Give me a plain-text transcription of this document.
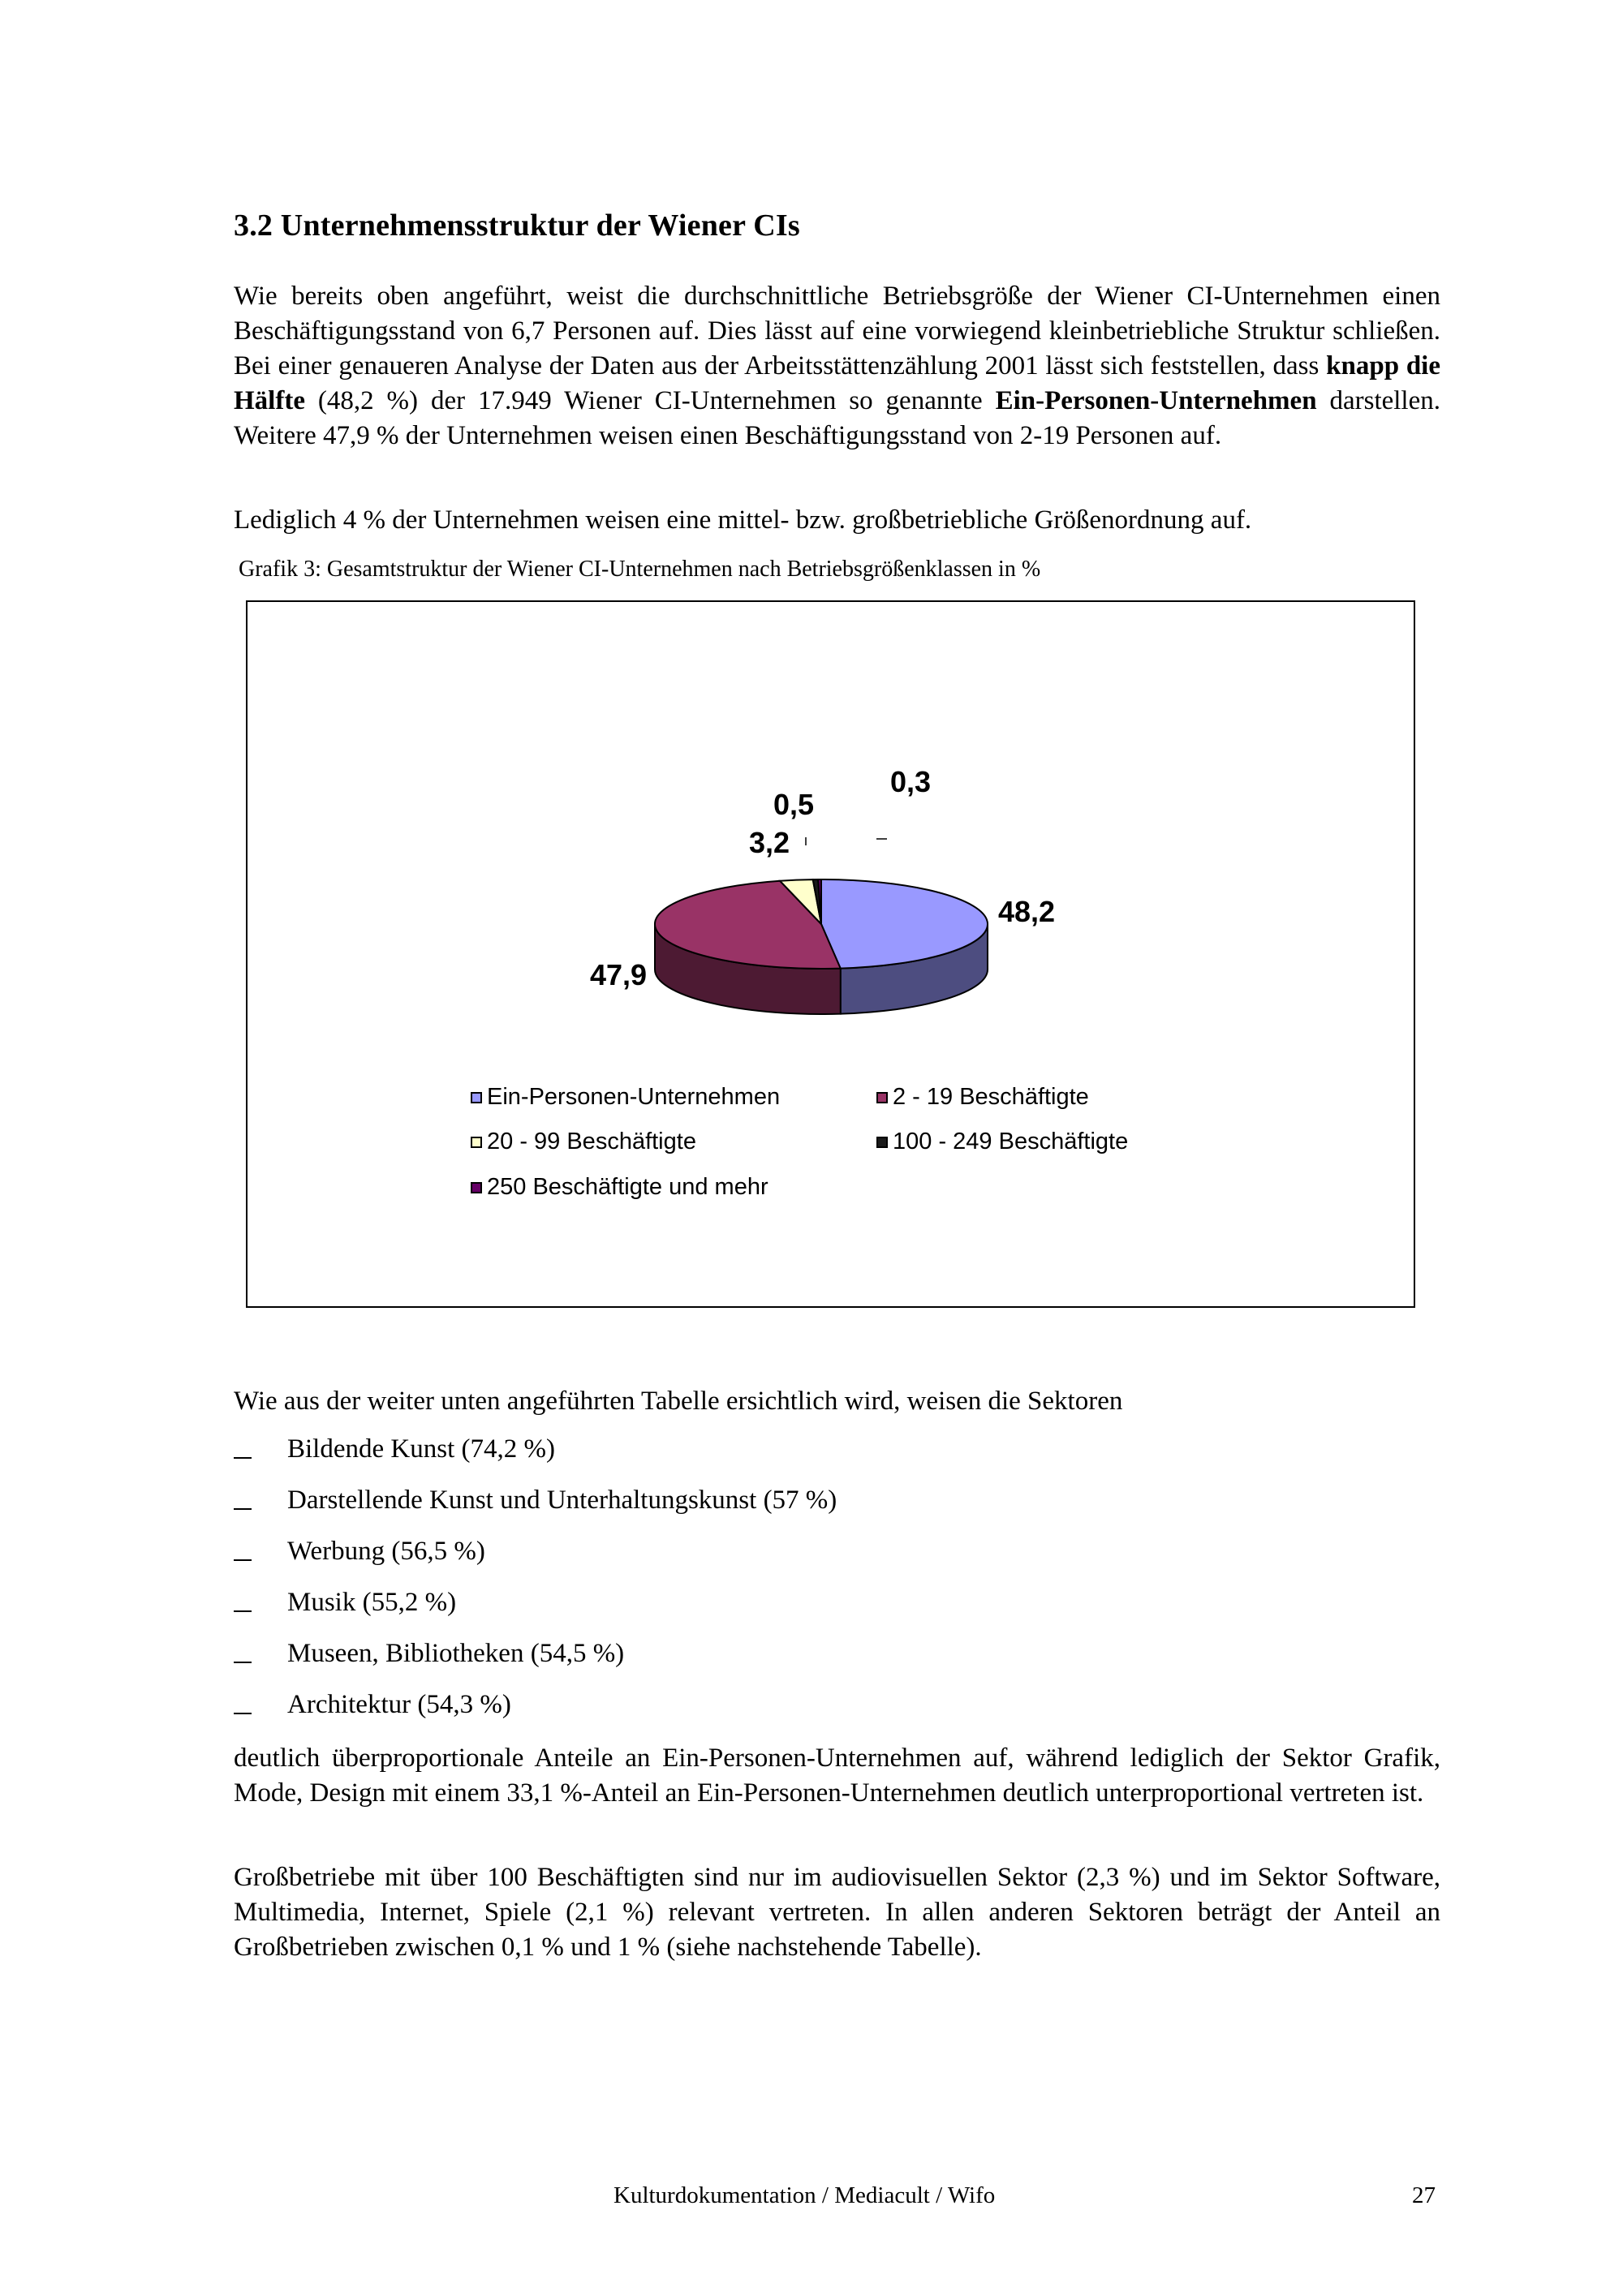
3.2 Unternehmensstruktur der Wiener CIs
Wie bereits oben angeführt, weist die durchschnittliche Betriebsgröße der Wiener CI-Unternehmen einen Beschäftigungsstand von 6,7 Personen auf. Dies lässt auf eine vorwiegend kleinbetriebliche Struktur schließen. Bei einer genaueren Analyse der Daten aus der Arbeitsstättenzählung 2001 lässt sich feststellen, dass knapp die Hälfte (48,2 %) der 17.949 Wiener CI-Unternehmen so genannte Ein-Personen-Unternehmen darstellen. Weitere 47,9 % der Unternehmen weisen einen Beschäftigungsstand von 2-19 Personen auf.
Lediglich 4 % der Unternehmen weisen eine mittel- bzw. großbetriebliche Größenordnung auf.
Grafik 3: Gesamtstruktur der Wiener CI-Unternehmen nach Betriebsgrößenklassen in %
48,2
47,9
3,2
0,5
0,3
Ein-Personen-Unternehmen	2 - 19 Beschäftigte
20 - 99 Beschäftigte	100 - 249 Beschäftigte
250 Beschäftigte und mehr
Wie aus der weiter unten angeführten Tabelle ersichtlich wird, weisen die Sektoren
Bildende Kunst (74,2 %)
Darstellende Kunst und Unterhaltungskunst (57 %)
Werbung (56,5 %)
Musik (55,2 %)
Museen, Bibliotheken (54,5 %)
Architektur (54,3 %)
deutlich überproportionale Anteile an Ein-Personen-Unternehmen auf, während lediglich der Sektor Grafik, Mode, Design mit einem 33,1 %-Anteil an Ein-Personen-Unternehmen deutlich unterproportional vertreten ist.
Großbetriebe mit über 100 Beschäftigten sind nur im audiovisuellen Sektor (2,3 %) und im Sektor Software, Multimedia, Internet, Spiele (2,1 %) relevant vertreten. In allen anderen Sektoren beträgt der Anteil an Großbetrieben zwischen 0,1 % und 1 % (siehe nachstehende Tabelle).
Kulturdokumentation / Mediacult / Wifo	27
